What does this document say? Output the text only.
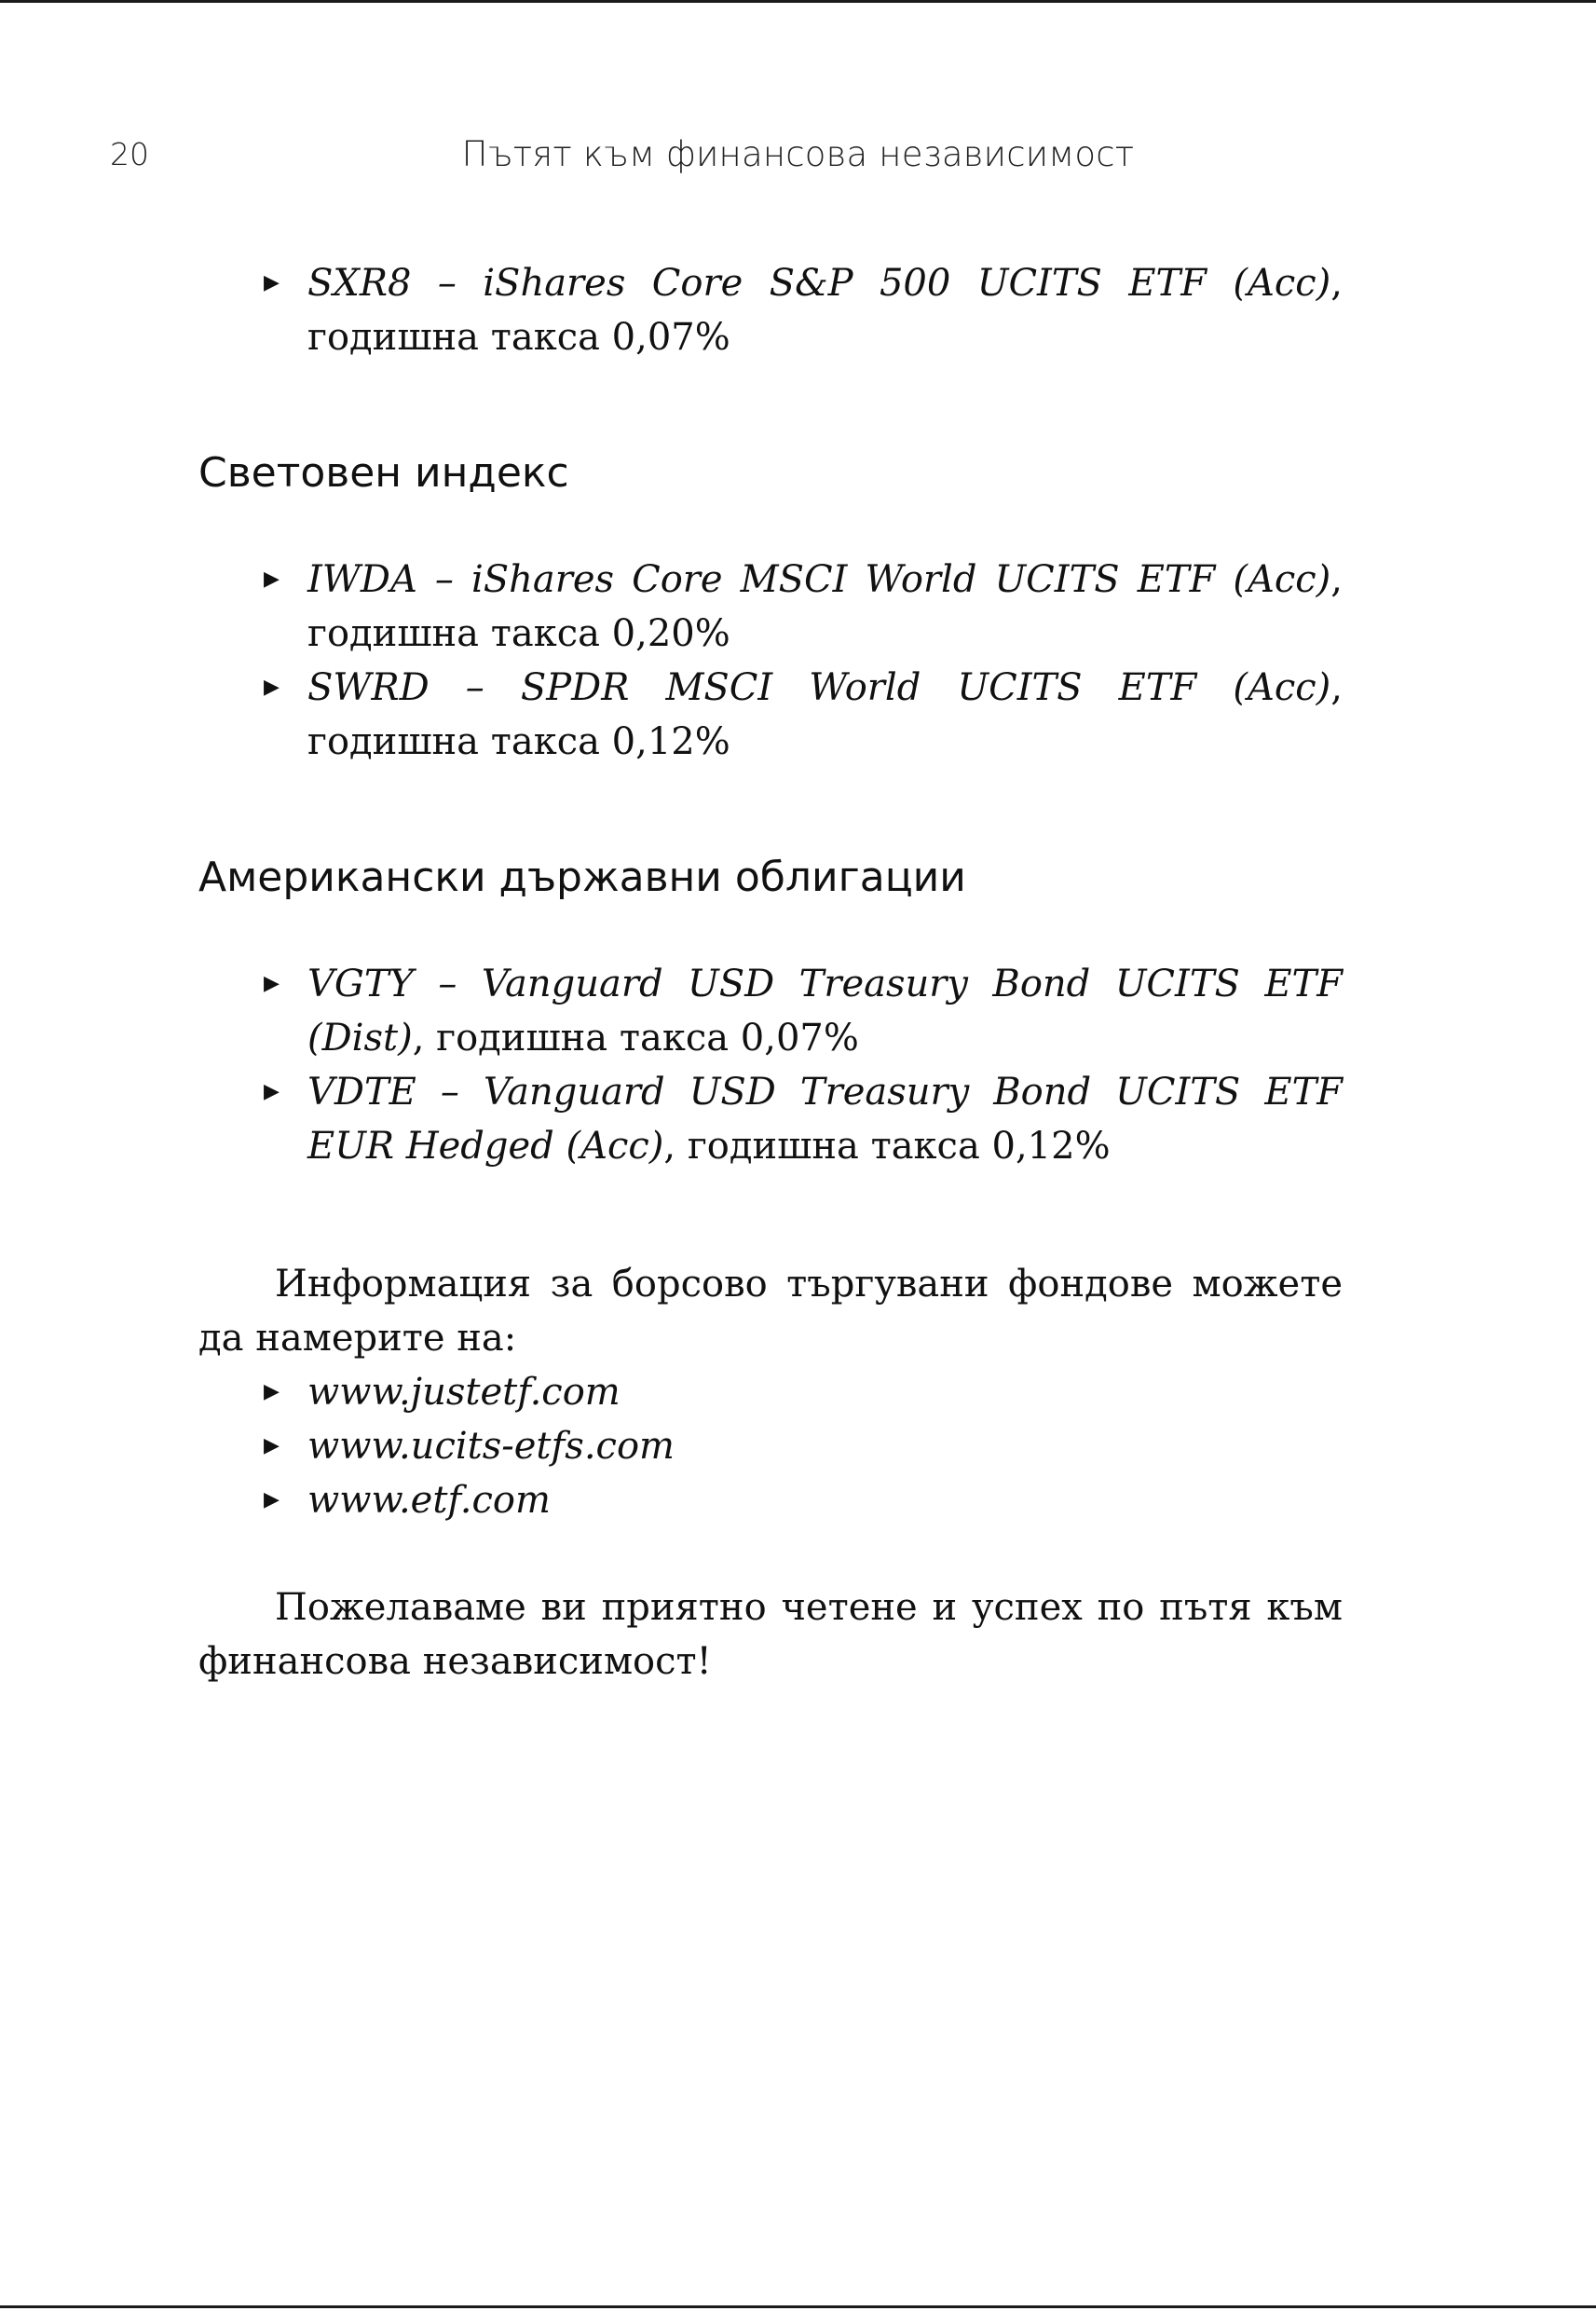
20	Пътят към финансова независимост
▶ SXR8 – iShares Core S&P 500 UCITS ETF (Acc), годишна такса 0,07%
Световен индекс
▶ IWDA – iShares Core MSCI World UCITS ETF (Acc), годишна такса 0,20%
▶ SWRD – SPDR MSCI World UCITS ETF (Acc), годишна такса 0,12%
Американски държавни облигации
▶ VGTY – Vanguard USD Treasury Bond UCITS ETF (Dist), годишна такса 0,07%
▶ VDTE – Vanguard USD Treasury Bond UCITS ETF EUR Hedged (Acc), годишна такса 0,12%

Информация за борсово търгувани фондове можете да намерите на:

▶ www.justetf.com
▶ www.ucits-etfs.com
▶ www.etf.com

Пожелаваме ви приятно четене и успех по пътя към финансова независимост!
